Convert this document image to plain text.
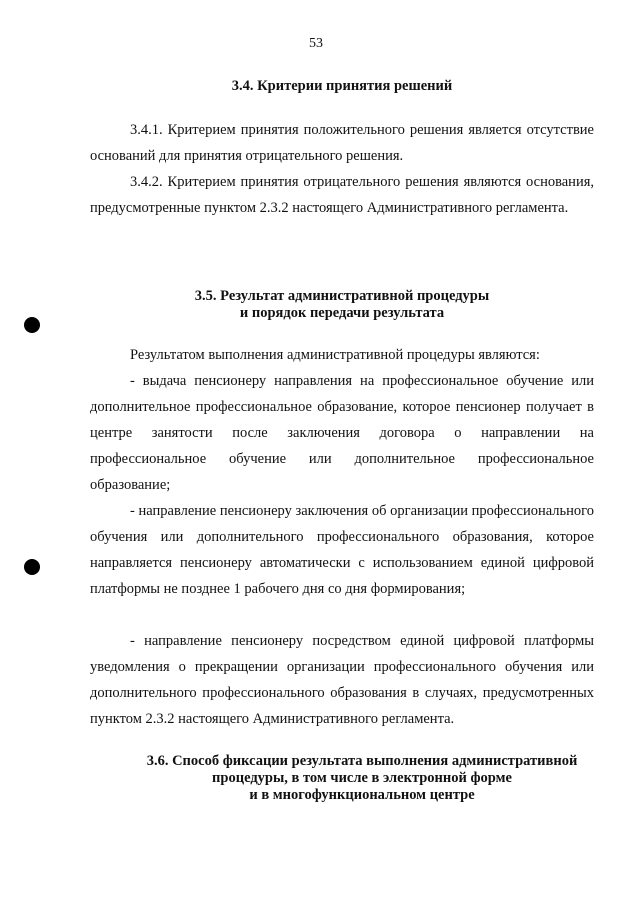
53
3.4. Критерии принятия решений

3.4.1. Критерием принятия положительного решения является отсутствие оснований для принятия отрицательного решения.

3.4.2. Критерием принятия отрицательного решения являются основания, предусмотренные пунктом 2.3.2 настоящего Административного регламента.

3.5. Результат административной процедуры
и порядок передачи результата

Результатом выполнения административной процедуры являются:

- выдача пенсионеру направления на профессиональное обучение или дополнительное профессиональное образование, которое пенсионер получает в центре занятости после заключения договора о направлении на профессиональное обучение или дополнительное профессиональное образование;

- направление пенсионеру заключения об организации профессионального обучения или дополнительного профессионального образования, которое направляется пенсионеру автоматически с использованием единой цифровой платформы не позднее 1 рабочего дня со дня формирования;

- направление пенсионеру посредством единой цифровой платформы уведомления о прекращении организации профессионального обучения или дополнительного профессионального образования в случаях, предусмотренных пунктом 2.3.2 настоящего Административного регламента.

3.6. Способ фиксации результата выполнения административной
процедуры, в том числе в электронной форме
и в многофункциональном центре
